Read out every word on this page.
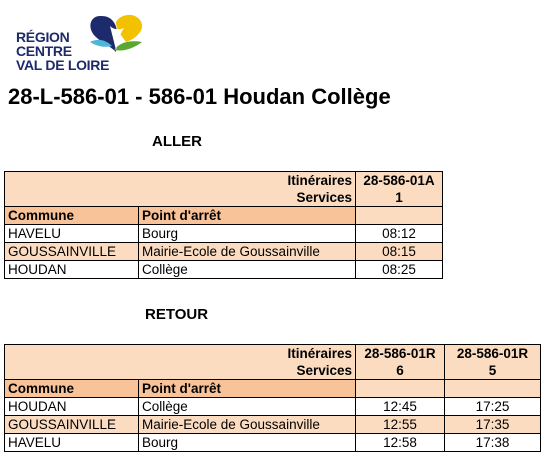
RÉGION
CENTRE
VAL DE LOIRE
28-L-586-01 - 586-01 Houdan Collège
ALLER
Itinéraires		28-586-01A
Services		1
Commune	Point d'arrêt	
HAVELU	Bourg	08:12
GOUSSAINVILLE	Mairie-Ecole de Goussainville	08:15
HOUDAN	Collège	08:25
RETOUR
Itinéraires		28-586-01R	28-586-01R
Services		6	5
Commune	Point d'arrêt		
HOUDAN	Collège	12:45	17:25
GOUSSAINVILLE	Mairie-Ecole de Goussainville	12:55	17:35
HAVELU	Bourg	12:58	17:38
